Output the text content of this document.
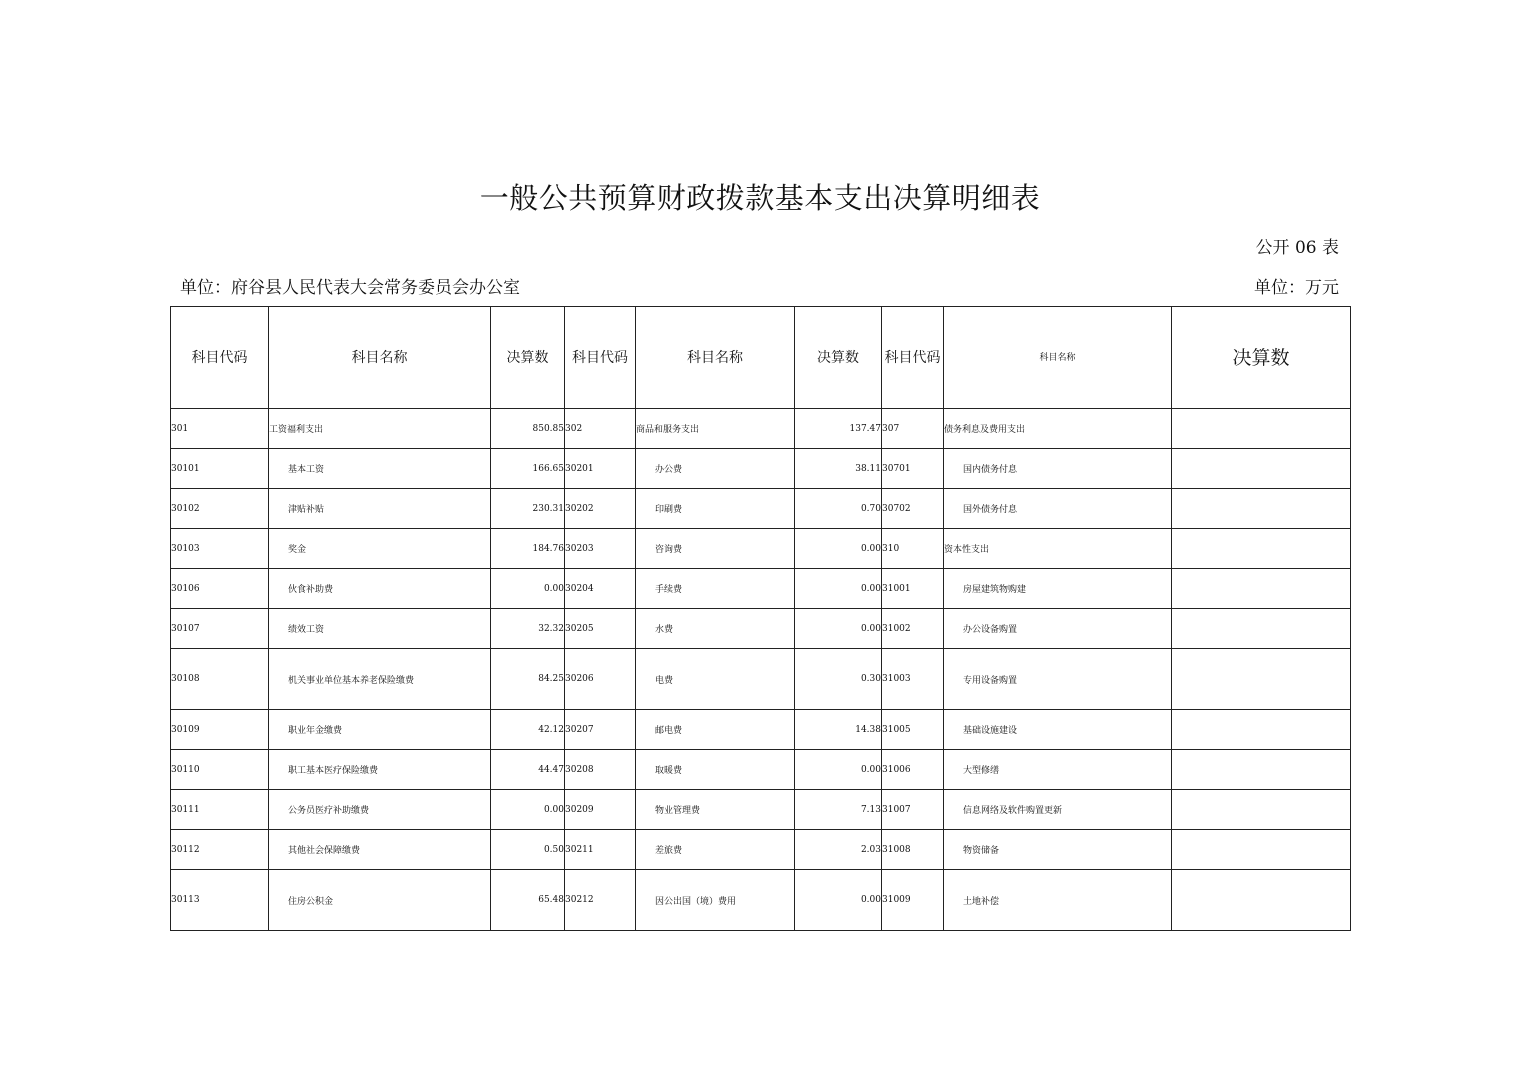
一般公共预算财政拨款基本支出决算明细表
公开 06 表
单位：府谷县人民代表大会常务委员会办公室	单位：万元
科目代码	科目名称	决算数	科目代码	科目名称	决算数	科目代码	科目名称	决算数
301	工资福利支出	850.85	302	商品和服务支出	137.47	307	债务利息及费用支出	
30101	基本工资	166.65	30201	办公费	38.11	30701	国内债务付息	
30102	津贴补贴	230.31	30202	印刷费	0.70	30702	国外债务付息	
30103	奖金	184.76	30203	咨询费	0.00	310	资本性支出	
30106	伙食补助费	0.00	30204	手续费	0.00	31001	房屋建筑物购建	
30107	绩效工资	32.32	30205	水费	0.00	31002	办公设备购置	
30108	机关事业单位基本养老保险缴费	84.25	30206	电费	0.30	31003	专用设备购置	
30109	职业年金缴费	42.12	30207	邮电费	14.38	31005	基础设施建设	
30110	职工基本医疗保险缴费	44.47	30208	取暖费	0.00	31006	大型修缮	
30111	公务员医疗补助缴费	0.00	30209	物业管理费	7.13	31007	信息网络及软件购置更新	
30112	其他社会保障缴费	0.50	30211	差旅费	2.03	31008	物资储备	
30113	住房公积金	65.48	30212	因公出国（境）费用	0.00	31009	土地补偿	
